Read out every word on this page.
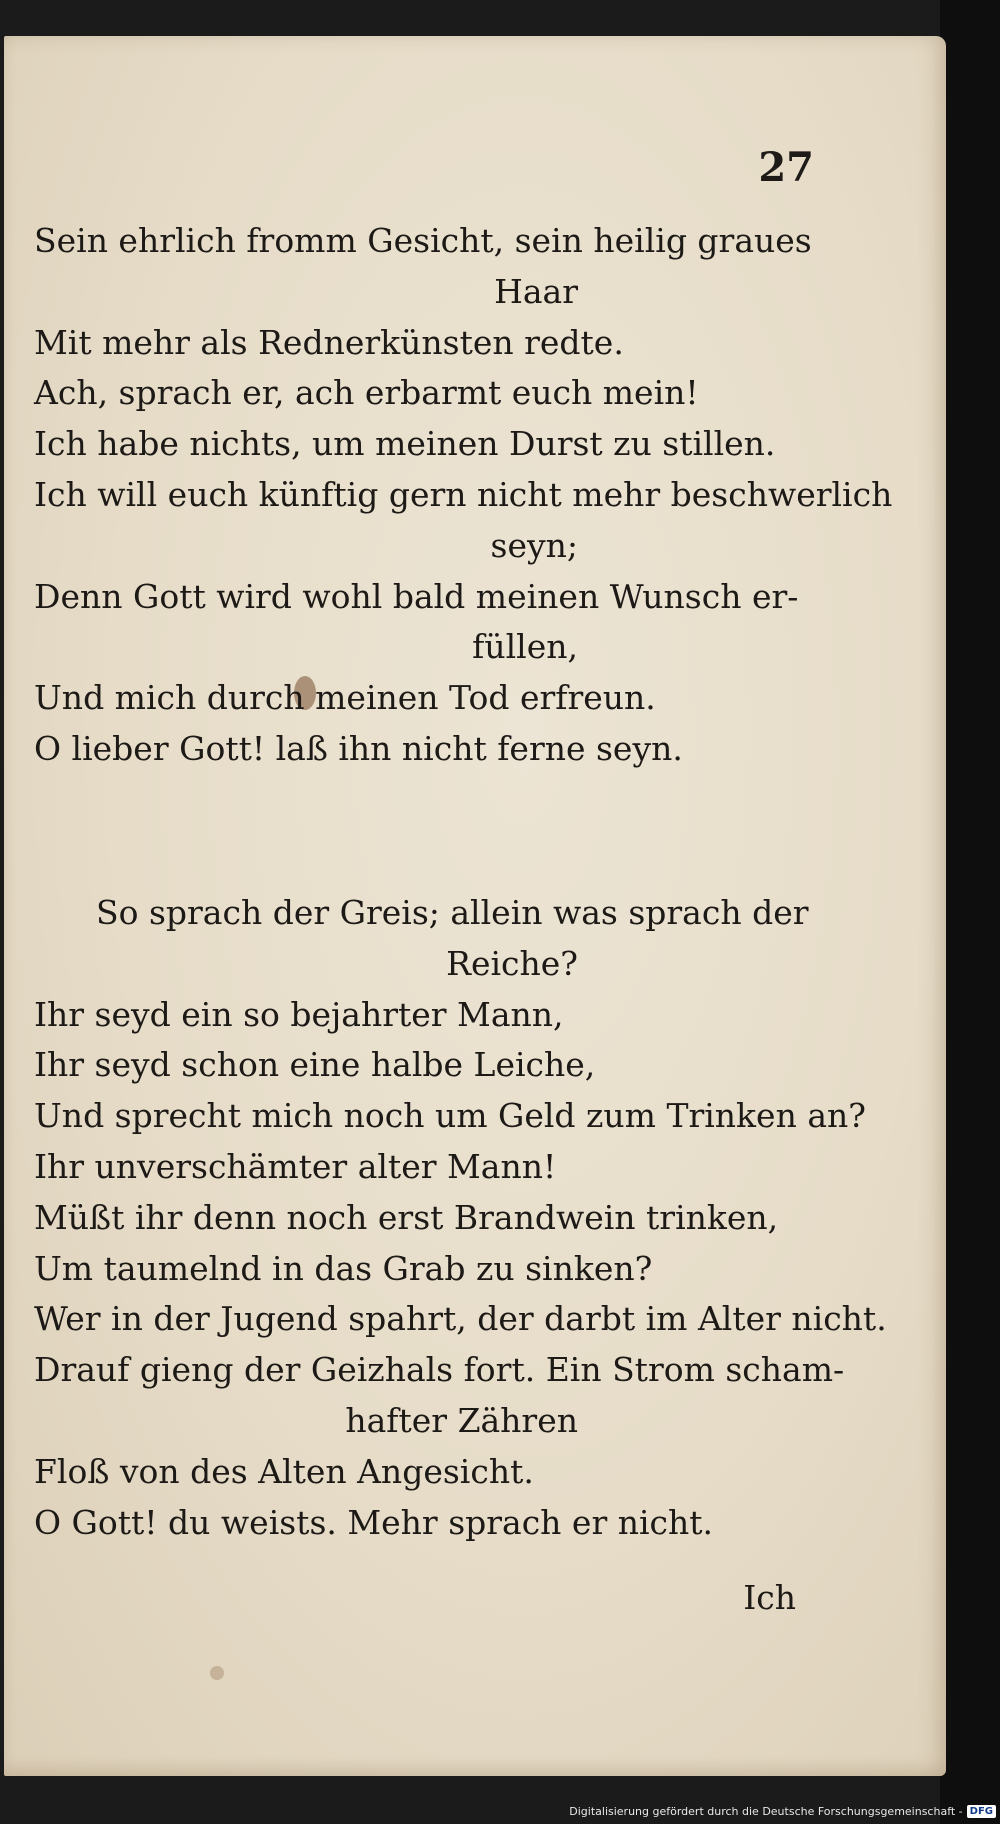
27
Sein ehrlich fromm Gesicht, sein heilig graues
Haar
Mit mehr als Rednerkünsten redte.
Ach, sprach er, ach erbarmt euch mein!
Ich habe nichts, um meinen Durst zu stillen.
Ich will euch künftig gern nicht mehr beschwerlich
seyn;
Denn Gott wird wohl bald meinen Wunsch er-
füllen,
Und mich durch meinen Tod erfreun.
O lieber Gott! laß ihn nicht ferne seyn.
So sprach der Greis; allein was sprach der
Reiche?
Ihr seyd ein so bejahrter Mann,
Ihr seyd schon eine halbe Leiche,
Und sprecht mich noch um Geld zum Trinken an?
Ihr unverschämter alter Mann!
Müßt ihr denn noch erst Brandwein trinken,
Um taumelnd in das Grab zu sinken?
Wer in der Jugend spahrt, der darbt im Alter nicht.
Drauf gieng der Geizhals fort. Ein Strom scham-
hafter Zähren
Floß von des Alten Angesicht.
O Gott! du weists. Mehr sprach er nicht.
Ich
Digitalisierung gefördert durch die Deutsche Forschungsgemeinschaft - DFG
